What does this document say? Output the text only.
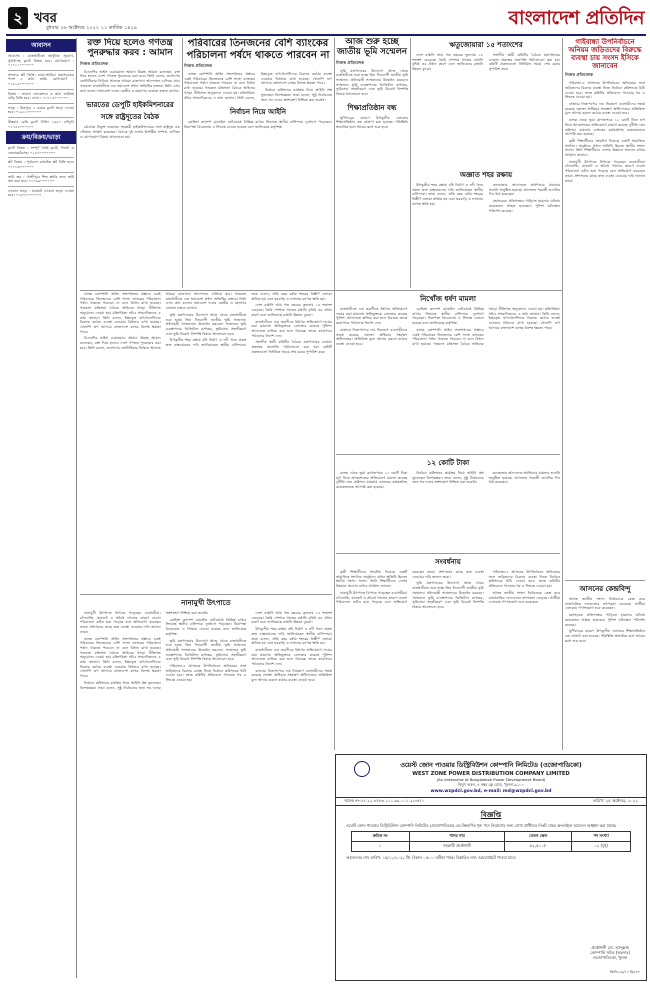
২ খবর
বুধবার ২৬ অক্টোবর ২০২২ ১১ কার্তিক ১৪২৯	বাংলাদেশ প্রতিদিন
আবাসন

আবাসন : রাজধানীতে আধুনিক সুযোগ-সুবিধাসহ ফ্ল্যাট বিক্রয় হবে। যোগাযোগ : ০১৭১১০০০০০০

সাভারে প্লট বিক্রি। ঢাকা-আরিচা মহাসড়কের পাশে ৫ কাঠা জমি। যোগাযোগ : ০১৮১৯০০০০০০

বিক্রয় : ভালো লোকেশনে ৩ কাঠা জমিসহ বাড়ি বিক্রি হবে। ফোন : ০১৭১৫০০০০০০

ভাড়া : মিরপুরে ২ রুমের ফ্ল্যাট ভাড়া দেওয়া হবে। ০১৯১১০০০০০০

উত্তরায় রেডি ফ্ল্যাট বিক্রি। ১৬৫০ বর্গফুট। ০১৭৫২০০০০০০

ক্রয়/বিক্রয়/ভাড়া

ফ্ল্যাট বিক্রয় : সম্পূর্ণ তৈরি ফ্ল্যাট, লিফট ও জেনারেটরসহ। ০১৮৭০০০০০০০

প্লট বিক্রয় : পূর্বাচলে রাজউক প্লট বিক্রি হবে। ০১৭১৩০০০০০০

জমি ক্রয় : গাজীপুরে শিল্প প্লটের জন্য জমি ক্রয় করা হবে। ০১৭৯৯০০০০০০

দোকান ভাড়া : মার্কেটে দোকান ভাড়া দেওয়া হবে। ০১৬৭৭০০০০০০

রক্ত দিয়ে হলেও গণতন্ত্র পুনরুদ্ধার করব : আমান
নিজস্ব প্রতিবেদক

বিএনপির ভাইস চেয়ারম্যান আমান উল্লাহ আমান বলেছেন, রক্ত দিয়ে হলেও দেশে গণতন্ত্র পুনরুদ্ধার করা হবে। তিনি বলেন, জনগণের ভোটাধিকার ফিরিয়ে আনতে আমরা রাজপথে আন্দোলন চালিয়ে যাব। গতকাল রাজধানীতে এক সমাবেশে প্রধান অতিথির বক্তব্যে তিনি এসব কথা বলেন। সমাবেশে দলের কেন্দ্রীয় ও মহানগর নেতারা বক্তব্য রাখেন।

ভারতের ডেপুটি হাইকমিশনারের সঙ্গে রাষ্ট্রদূতের বৈঠক

চট্টগ্রামে নিযুক্ত ভারতের সহকারী হাইকমিশনারের সঙ্গে রাষ্ট্রদূত এক সৌজন্য সাক্ষাৎ করেছেন। বৈঠকে দুই দেশের দ্বিপক্ষীয় সম্পর্ক, বাণিজ্য ও যোগাযোগ বিষয়ে আলোচনা হয়।

পরিবারের তিনজনের বেশি ব্যাংকের পরিচালনা পর্ষদে থাকতে পারবেন না
নিজস্ব প্রতিবেদক

ব্যাংক কোম্পানি আইন সংশোধনের প্রস্তাবে একই পরিবারের তিনজনের বেশি সদস্য ব্যাংকের পরিচালনা পর্ষদে থাকতে পারবেন না বলে বিধান রাখা হয়েছে। গতকাল মন্ত্রিসভা বৈঠকে আইনের খসড়া নীতিগত অনুমোদন দেওয়া হয়। মন্ত্রিপরিষদ সচিব সাংবাদিকদের এ তথ্য জানান। তিনি বলেন, ইচ্ছাকৃত ঋণখেলাপিদের বিরুদ্ধে কঠোর ব্যবস্থা নেওয়ার বিধানও রাখা হয়েছে। খেলাপি ঋণ আদায়ে বাংলাদেশ ব্যাংক বিশেষ ক্ষমতা পাবে।

নির্বাচন কমিশনের কার্যক্রম নিয়ে আইনি প্রশ্ন তুলেছেন বিশেষজ্ঞরা। তারা বলেন, সুষ্ঠু নির্বাচনের জন্য সব দলের অংশগ্রহণ নিশ্চিত করা জরুরি।

নির্বাচন নিয়ে আইনি

রোহিঙ্গা ক্যাম্পে মোবাইল নেটওয়ার্ক বিচ্ছিন্ন রাখার সিদ্ধান্তে স্থানীয় বাসিন্দারা দুর্ভোগে পড়েছেন। নিরাপত্তা বিবেচনায় এ সিদ্ধান্ত নেওয়া হয়েছে বলে জানিয়েছে কর্তৃপক্ষ।

আজ শুরু হচ্ছে জাতীয় ভূমি সম্মেলন
নিজস্ব প্রতিবেদক

ভূমি মন্ত্রণালয়ের উদ্যোগে আজ থেকে রাজধানীতে শুরু হচ্ছে তিন দিনব্যাপী জাতীয় ভূমি সম্মেলন। প্রধানমন্ত্রী সম্মেলনের উদ্বোধন করবেন। সম্মেলনে ভূমি ব্যবস্থাপনার ডিজিটাল রূপান্তর, ভূমিসেবা সহজীকরণ এবং ভূমি বিরোধ নিষ্পত্তি বিষয়ে আলোচনা হবে।

শিক্ষাপ্রতিষ্ঠান বন্ধ

ঘূর্ণিঝড়ের কারণে উপকূলীয় এলাকার শিক্ষাপ্রতিষ্ঠান বন্ধ ঘোষণা করা হয়েছে। পরিস্থিতি স্বাভাবিক হলে আবার ক্লাস শুরু হবে।

ঋতুজোয়ারা ১৫ শতাংশের

দেশে রপ্তানি আয় গত বছরের তুলনায় ১৫ শতাংশ বেড়েছে। তৈরি পোশাক খাতের রপ্তানি বৃদ্ধিই এর প্রধান কারণ বলে জানিয়েছে রপ্তানি উন্নয়ন ব্যুরো।

সংসদীয় স্থায়ী কমিটির বৈঠকে মন্ত্রণালয়ের চলমান প্রকল্পের অগ্রগতি পর্যালোচনা করা হয়। কমিটি প্রকল্পগুলো নির্ধারিত সময়ে শেষ করার সুপারিশ করে।

গাইবান্ধা উপনির্বাচনে অনিয়ম জড়িতদের বিরুদ্ধে ব্যবস্থা চায় সংসদ ইসিকে জানাবেন
নিজস্ব প্রতিবেদক

গাইবান্ধা-৫ আসনের উপনির্বাচনে অনিয়মের সঙ্গে জড়িতদের বিরুদ্ধে ব্যবস্থা নিতে নির্বাচন কমিশনকে চিঠি দেওয়া হবে। তদন্ত কমিটির প্রতিবেদন পাওয়ার পর এ সিদ্ধান্ত নেওয়া হয়।

বাজারে নিত্যপণ্যের দাম নিয়ন্ত্রণে ব্যবসায়ীদের সতর্ক করেছে ভোক্তা অধিকার সংরক্ষণ অধিদফতর। অতিরিক্ত মূল্য আদায় করলে কঠোর ব্যবস্থা নেওয়া হবে।

ব্যাংক থেকে ভুয়া কাগজপত্রে ১২ কোটি টাকা ঋণ নিয়ে আত্মসাতের অভিযোগে মামলা করেছে দুর্নীতি দমন কমিশন। মামলায় ব্যাংকের কর্মকর্তাসহ কয়েকজনকে আসামি করা হয়েছে।

কৃতী শিক্ষার্থীদের সংবর্ধনা দিয়েছে একটি সামাজিক সংগঠন। অনুষ্ঠানে প্রধান অতিথি ছিলেন স্থানীয় সংসদ সদস্য। তিনি শিক্ষার্থীদের দেশের উন্নয়নে অবদান রাখার আহ্বান জানান।

নানামুখী উৎপাতে বিপাকে পড়েছেন ব্যবসায়ীরা। চাঁদাবাজি, যানজট ও অবৈধ দখলের কারণে ব্যবসা পরিচালনা কঠিন হয়ে পড়েছে বলে অভিযোগ করেছেন তারা। প্রশাসনের কাছে দ্রুত ব্যবস্থা নেওয়ার দাবি জানান তারা।

অজ্ঞাত শহর রক্ষায়

উপকূলীয় শহর রক্ষায় বাঁধ নির্মাণ ও নদী খনন প্রকল্প দ্রুত বাস্তবায়নের দাবি জানিয়েছেন স্থানীয় বাসিন্দারা। তারা বলেন, প্রতি বছর বর্ষায় শহরের বিস্তীর্ণ এলাকা প্লাবিত হয় এবং ঘরবাড়ি ও ফসলের ব্যাপক ক্ষতি হয়।

কলকাতার আদালতে অর্থপাচার মামলার শুনানি অনুষ্ঠিত হয়েছে। আদালত পরবর্তী শুনানির দিন ধার্য করেছেন।

মহাসড়কে প্রতিপক্ষের গাড়িতে হামলার ঘটনায় কয়েকজন আহত হয়েছেন। পুলিশ ঘটনাস্থল পরিদর্শন করেছে।

ব্যাংক কোম্পানি আইন সংশোধনের প্রস্তাবে একই পরিবারের তিনজনের বেশি সদস্য ব্যাংকের পরিচালনা পর্ষদে থাকতে পারবেন না বলে বিধান রাখা হয়েছে। গতকাল মন্ত্রিসভা বৈঠকে আইনের খসড়া নীতিগত অনুমোদন দেওয়া হয়। মন্ত্রিপরিষদ সচিব সাংবাদিকদের এ তথ্য জানান। তিনি বলেন, ইচ্ছাকৃত ঋণখেলাপিদের বিরুদ্ধে কঠোর ব্যবস্থা নেওয়ার বিধানও রাখা হয়েছে। খেলাপি ঋণ আদায়ে বাংলাদেশ ব্যাংক বিশেষ ক্ষমতা পাবে।

বিএনপির ভাইস চেয়ারম্যান আমান উল্লাহ আমান বলেছেন, রক্ত দিয়ে হলেও দেশে গণতন্ত্র পুনরুদ্ধার করা হবে। তিনি বলেন, জনগণের ভোটাধিকার ফিরিয়ে আনতে আমরা রাজপথে আন্দোলন চালিয়ে যাব। গতকাল রাজধানীতে এক সমাবেশে প্রধান অতিথির বক্তব্যে তিনি এসব কথা বলেন। সমাবেশে দলের কেন্দ্রীয় ও মহানগর নেতারা বক্তব্য রাখেন।

ভূমি মন্ত্রণালয়ের উদ্যোগে আজ থেকে রাজধানীতে শুরু হচ্ছে তিন দিনব্যাপী জাতীয় ভূমি সম্মেলন। প্রধানমন্ত্রী সম্মেলনের উদ্বোধন করবেন। সম্মেলনে ভূমি ব্যবস্থাপনার ডিজিটাল রূপান্তর, ভূমিসেবা সহজীকরণ এবং ভূমি বিরোধ নিষ্পত্তি বিষয়ে আলোচনা হবে।

উপকূলীয় শহর রক্ষায় বাঁধ নির্মাণ ও নদী খনন প্রকল্প দ্রুত বাস্তবায়নের দাবি জানিয়েছেন স্থানীয় বাসিন্দারা। তারা বলেন, প্রতি বছর বর্ষায় শহরের বিস্তীর্ণ এলাকা প্লাবিত হয় এবং ঘরবাড়ি ও ফসলের ব্যাপক ক্ষতি হয়।

দেশে রপ্তানি আয় গত বছরের তুলনায় ১৫ শতাংশ বেড়েছে। তৈরি পোশাক খাতের রপ্তানি বৃদ্ধিই এর প্রধান কারণ বলে জানিয়েছে রপ্তানি উন্নয়ন ব্যুরো।

রাজধানীতে এক তরুণীকে ধর্ষণের অভিযোগে দায়ের করা মামলায় অভিযুক্তকে গ্রেফতার করেছে পুলিশ। আদালতে হাজির করা হলে বিচারক তাকে কারাগারে পাঠানোর নির্দেশ দেন।

সংসদীয় স্থায়ী কমিটির বৈঠকে মন্ত্রণালয়ের চলমান প্রকল্পের অগ্রগতি পর্যালোচনা করা হয়। কমিটি প্রকল্পগুলো নির্ধারিত সময়ে শেষ করার সুপারিশ করে।

নিখোঁজ ধর্ষণ মামলা

রাজধানীতে এক তরুণীকে ধর্ষণের অভিযোগে দায়ের করা মামলায় অভিযুক্তকে গ্রেফতার করেছে পুলিশ। আদালতে হাজির করা হলে বিচারক তাকে কারাগারে পাঠানোর নির্দেশ দেন।

বাজারে নিত্যপণ্যের দাম নিয়ন্ত্রণে ব্যবসায়ীদের সতর্ক করেছে ভোক্তা অধিকার সংরক্ষণ অধিদফতর। অতিরিক্ত মূল্য আদায় করলে কঠোর ব্যবস্থা নেওয়া হবে।

রোহিঙ্গা ক্যাম্পে মোবাইল নেটওয়ার্ক বিচ্ছিন্ন রাখার সিদ্ধান্তে স্থানীয় বাসিন্দারা দুর্ভোগে পড়েছেন। নিরাপত্তা বিবেচনায় এ সিদ্ধান্ত নেওয়া হয়েছে বলে জানিয়েছে কর্তৃপক্ষ।

ব্যাংক কোম্পানি আইন সংশোধনের প্রস্তাবে একই পরিবারের তিনজনের বেশি সদস্য ব্যাংকের পরিচালনা পর্ষদে থাকতে পারবেন না বলে বিধান রাখা হয়েছে। গতকাল মন্ত্রিসভা বৈঠকে আইনের খসড়া নীতিগত অনুমোদন দেওয়া হয়। মন্ত্রিপরিষদ সচিব সাংবাদিকদের এ তথ্য জানান। তিনি বলেন, ইচ্ছাকৃত ঋণখেলাপিদের বিরুদ্ধে কঠোর ব্যবস্থা নেওয়ার বিধানও রাখা হয়েছে। খেলাপি ঋণ আদায়ে বাংলাদেশ ব্যাংক বিশেষ ক্ষমতা পাবে।

১২ কোটি টাকা

ব্যাংক থেকে ভুয়া কাগজপত্রে ১২ কোটি টাকা ঋণ নিয়ে আত্মসাতের অভিযোগে মামলা করেছে দুর্নীতি দমন কমিশন। মামলায় ব্যাংকের কর্মকর্তাসহ কয়েকজনকে আসামি করা হয়েছে।

নির্বাচন কমিশনের কার্যক্রম নিয়ে আইনি প্রশ্ন তুলেছেন বিশেষজ্ঞরা। তারা বলেন, সুষ্ঠু নির্বাচনের জন্য সব দলের অংশগ্রহণ নিশ্চিত করা জরুরি।

কলকাতার আদালতে অর্থপাচার মামলার শুনানি অনুষ্ঠিত হয়েছে। আদালত পরবর্তী শুনানির দিন ধার্য করেছেন।

সংবর্ধনায়

কৃতী শিক্ষার্থীদের সংবর্ধনা দিয়েছে একটি সামাজিক সংগঠন। অনুষ্ঠানে প্রধান অতিথি ছিলেন স্থানীয় সংসদ সদস্য। তিনি শিক্ষার্থীদের দেশের উন্নয়নে অবদান রাখার আহ্বান জানান।

নানামুখী উৎপাতে বিপাকে পড়েছেন ব্যবসায়ীরা। চাঁদাবাজি, যানজট ও অবৈধ দখলের কারণে ব্যবসা পরিচালনা কঠিন হয়ে পড়েছে বলে অভিযোগ করেছেন তারা। প্রশাসনের কাছে দ্রুত ব্যবস্থা নেওয়ার দাবি জানান তারা।

ভূমি মন্ত্রণালয়ের উদ্যোগে আজ থেকে রাজধানীতে শুরু হচ্ছে তিন দিনব্যাপী জাতীয় ভূমি সম্মেলন। প্রধানমন্ত্রী সম্মেলনের উদ্বোধন করবেন। সম্মেলনে ভূমি ব্যবস্থাপনার ডিজিটাল রূপান্তর, ভূমিসেবা সহজীকরণ এবং ভূমি বিরোধ নিষ্পত্তি বিষয়ে আলোচনা হবে।

গাইবান্ধা-৫ আসনের উপনির্বাচনে অনিয়মের সঙ্গে জড়িতদের বিরুদ্ধে ব্যবস্থা নিতে নির্বাচন কমিশনকে চিঠি দেওয়া হবে। তদন্ত কমিটির প্রতিবেদন পাওয়ার পর এ সিদ্ধান্ত নেওয়া হয়।

আসন্ন জাতীয় সংসদ নির্বাচনকে কেন্দ্র করে রাজনৈতিক দলগুলোর তৎপরতা বেড়েছে। প্রার্থীরা এলাকায় গণসংযোগ শুরু করেছেন।

আসনের কেন্দ্রবিন্দু

আসন্ন জাতীয় সংসদ নির্বাচনকে কেন্দ্র করে রাজনৈতিক দলগুলোর তৎপরতা বেড়েছে। প্রার্থীরা এলাকায় গণসংযোগ শুরু করেছেন।

মহাসড়কে প্রতিপক্ষের গাড়িতে হামলার ঘটনায় কয়েকজন আহত হয়েছেন। পুলিশ ঘটনাস্থল পরিদর্শন করেছে।

ঘূর্ণিঝড়ের কারণে উপকূলীয় এলাকার শিক্ষাপ্রতিষ্ঠান বন্ধ ঘোষণা করা হয়েছে। পরিস্থিতি স্বাভাবিক হলে আবার ক্লাস শুরু হবে।

নানামুখী উৎপাতে

নানামুখী উৎপাতে বিপাকে পড়েছেন ব্যবসায়ীরা। চাঁদাবাজি, যানজট ও অবৈধ দখলের কারণে ব্যবসা পরিচালনা কঠিন হয়ে পড়েছে বলে অভিযোগ করেছেন তারা। প্রশাসনের কাছে দ্রুত ব্যবস্থা নেওয়ার দাবি জানান তারা।

ব্যাংক কোম্পানি আইন সংশোধনের প্রস্তাবে একই পরিবারের তিনজনের বেশি সদস্য ব্যাংকের পরিচালনা পর্ষদে থাকতে পারবেন না বলে বিধান রাখা হয়েছে। গতকাল মন্ত্রিসভা বৈঠকে আইনের খসড়া নীতিগত অনুমোদন দেওয়া হয়। মন্ত্রিপরিষদ সচিব সাংবাদিকদের এ তথ্য জানান। তিনি বলেন, ইচ্ছাকৃত ঋণখেলাপিদের বিরুদ্ধে কঠোর ব্যবস্থা নেওয়ার বিধানও রাখা হয়েছে। খেলাপি ঋণ আদায়ে বাংলাদেশ ব্যাংক বিশেষ ক্ষমতা পাবে।

নির্বাচন কমিশনের কার্যক্রম নিয়ে আইনি প্রশ্ন তুলেছেন বিশেষজ্ঞরা। তারা বলেন, সুষ্ঠু নির্বাচনের জন্য সব দলের অংশগ্রহণ নিশ্চিত করা জরুরি।

রোহিঙ্গা ক্যাম্পে মোবাইল নেটওয়ার্ক বিচ্ছিন্ন রাখার সিদ্ধান্তে স্থানীয় বাসিন্দারা দুর্ভোগে পড়েছেন। নিরাপত্তা বিবেচনায় এ সিদ্ধান্ত নেওয়া হয়েছে বলে জানিয়েছে কর্তৃপক্ষ।

ভূমি মন্ত্রণালয়ের উদ্যোগে আজ থেকে রাজধানীতে শুরু হচ্ছে তিন দিনব্যাপী জাতীয় ভূমি সম্মেলন। প্রধানমন্ত্রী সম্মেলনের উদ্বোধন করবেন। সম্মেলনে ভূমি ব্যবস্থাপনার ডিজিটাল রূপান্তর, ভূমিসেবা সহজীকরণ এবং ভূমি বিরোধ নিষ্পত্তি বিষয়ে আলোচনা হবে।

গাইবান্ধা-৫ আসনের উপনির্বাচনে অনিয়মের সঙ্গে জড়িতদের বিরুদ্ধে ব্যবস্থা নিতে নির্বাচন কমিশনকে চিঠি দেওয়া হবে। তদন্ত কমিটির প্রতিবেদন পাওয়ার পর এ সিদ্ধান্ত নেওয়া হয়।

দেশে রপ্তানি আয় গত বছরের তুলনায় ১৫ শতাংশ বেড়েছে। তৈরি পোশাক খাতের রপ্তানি বৃদ্ধিই এর প্রধান কারণ বলে জানিয়েছে রপ্তানি উন্নয়ন ব্যুরো।

উপকূলীয় শহর রক্ষায় বাঁধ নির্মাণ ও নদী খনন প্রকল্প দ্রুত বাস্তবায়নের দাবি জানিয়েছেন স্থানীয় বাসিন্দারা। তারা বলেন, প্রতি বছর বর্ষায় শহরের বিস্তীর্ণ এলাকা প্লাবিত হয় এবং ঘরবাড়ি ও ফসলের ব্যাপক ক্ষতি হয়।

রাজধানীতে এক তরুণীকে ধর্ষণের অভিযোগে দায়ের করা মামলায় অভিযুক্তকে গ্রেফতার করেছে পুলিশ। আদালতে হাজির করা হলে বিচারক তাকে কারাগারে পাঠানোর নির্দেশ দেন।

বাজারে নিত্যপণ্যের দাম নিয়ন্ত্রণে ব্যবসায়ীদের সতর্ক করেছে ভোক্তা অধিকার সংরক্ষণ অধিদফতর। অতিরিক্ত মূল্য আদায় করলে কঠোর ব্যবস্থা নেওয়া হবে।

ওয়েস্ট জোন পাওয়ার ডিস্ট্রিবিউশন কোম্পানি লিমিটেড (ওজোপাডিকো)
WEST ZONE POWER DISTRIBUTION COMPANY LIMITED
(An enterprise of Bangladesh Power Development Board)
বিদ্যুৎ ভবন, ৪ নম্বর ক্লে রোড, খুলনা-৯১০০
www.wzpdcl.gov.bd, e-mail: md@wzpdcl.gov.bd
স্মারক নং-২৭.২২.৪৭৮৬.১০১.৩৯.০০১.২২-৬৭০	তারিখ: ২৫ অক্টোবর, ২০২২
বিজ্ঞপ্তি
ওয়েস্ট জোন পাওয়ার ডিস্ট্রিবিউশন কোম্পানি লিমিটেড (ওজোপাডিকো)-এর নিম্নবর্ণিত শূন্য পদে নিয়োগের জন্য যোগ্য প্রার্থীদের নিকট থেকে অনলাইনে আবেদন আহ্বান করা যাচ্ছে।
ক্রমিক নং	পদের নাম	বেতন স্কেল	পদ সংখ্যা
১	সহকারী প্রকৌশলী	৬২,৫০০/-	০২ (দুই)
আবেদনের শেষ তারিখ: ১৫/১১/২০২২ খ্রি. বিকাল ০৫:০০ ঘটিকা পর্যন্ত। বিস্তারিত তথ্য ওয়েবসাইটে পাওয়া যাবে।
প্রকৌশলী মো. আব্দুল্লাহ
কোম্পানি সচিব (অঃদাঃ)
ওজোপাডিকো, খুলনা
জিডি-২৬/১০ ই/৪৪০
